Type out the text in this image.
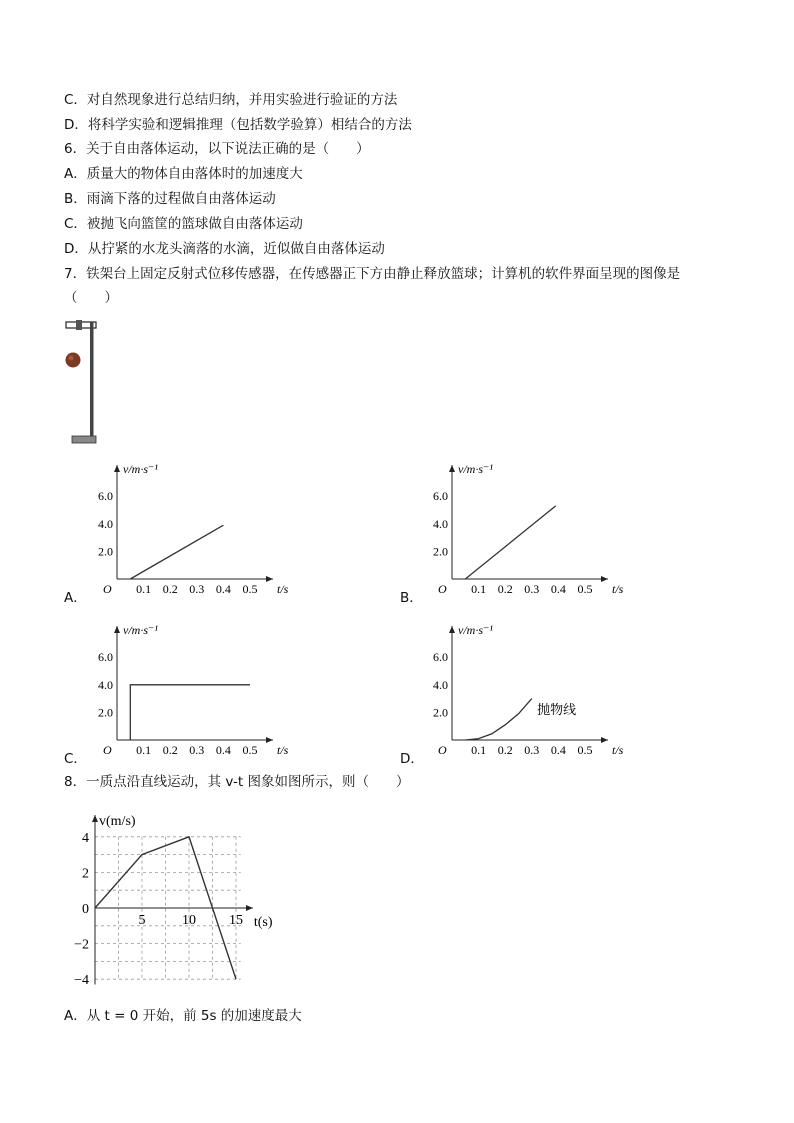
C．对自然现象进行总结归纳，并用实验进行验证的方法
D．将科学实验和逻辑推理（包括数学验算）相结合的方法
6．关于自由落体运动，以下说法正确的是（　　）
A．质量大的物体自由落体时的加速度大
B．雨滴下落的过程做自由落体运动
C．被抛飞向篮筐的篮球做自由落体运动
D．从拧紧的水龙头滴落的水滴，近似做自由落体运动
7．铁架台上固定反射式位移传感器，在传感器正下方由静止释放篮球；计算机的软件界面呈现的图像是
（　　）
A．	B．
C．	D．
v/m·s⁻¹
t/s
O
2.0
4.0
6.0
0.1 0.2 0.3 0.4 0.5
v/m·s⁻¹
t/s
O
2.0
4.0
6.0
0.1 0.2 0.3 0.4 0.5
v/m·s⁻¹
t/s
O
2.0
4.0
6.0
0.1 0.2 0.3 0.4 0.5
v/m·s⁻¹
t/s
O
2.0
4.0
6.0
0.1 0.2 0.3 0.4 0.5
抛物线
8．一质点沿直线运动，其 v-t 图象如图所示，则（　　）
v(m/s)
t(s)
4
2
0
−2
−4
5	10 15
A．从 t = 0 开始，前 5s 的加速度最大
